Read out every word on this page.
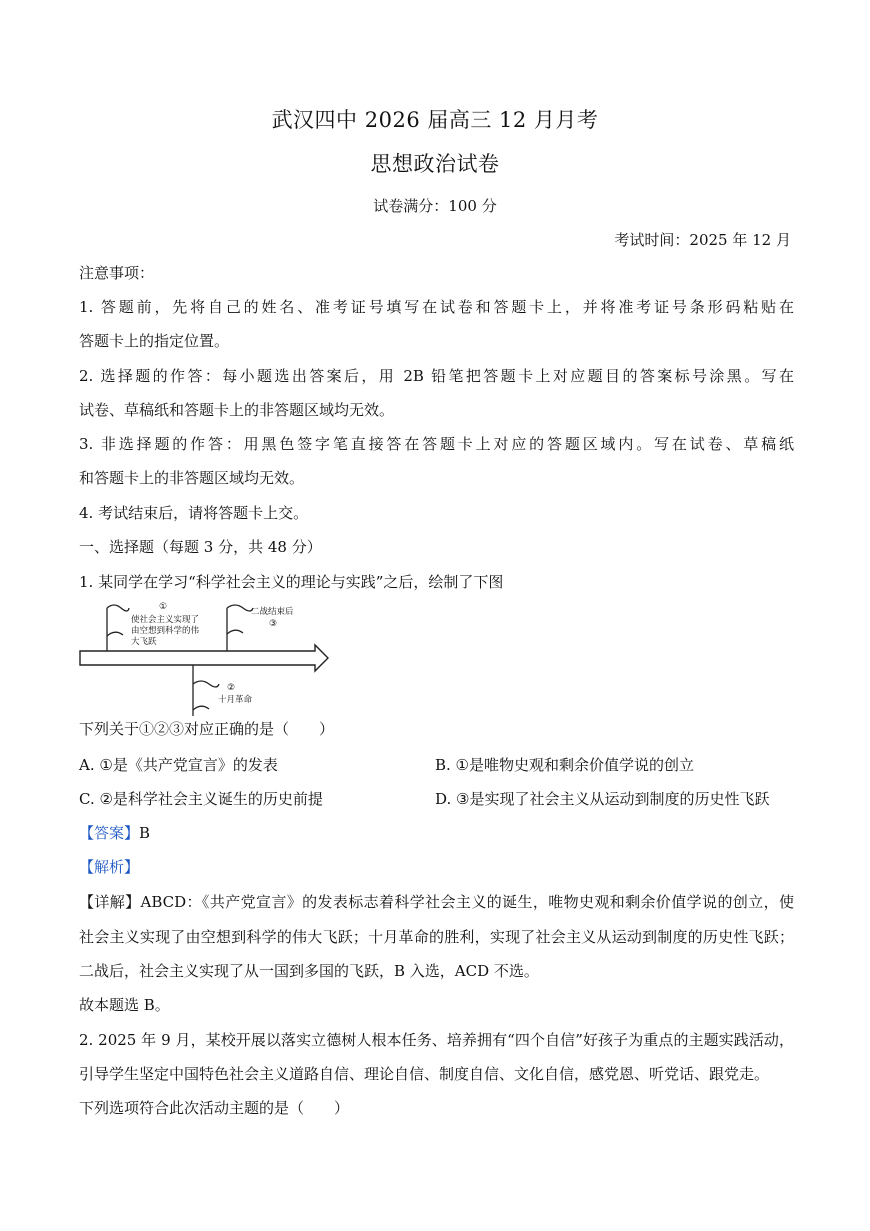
武汉四中 2026 届高三 12 月月考
思想政治试卷
试卷满分：100 分
考试时间：2025 年 12 月
注意事项：
1. 答题前，先将自己的姓名、准考证号填写在试卷和答题卡上，并将准考证号条形码粘贴在
答题卡上的指定位置。
2. 选择题的作答：每小题选出答案后，用 2B 铅笔把答题卡上对应题目的答案标号涂黑。写在
试卷、草稿纸和答题卡上的非答题区域均无效。
3. 非选择题的作答：用黑色签字笔直接答在答题卡上对应的答题区域内。写在试卷、草稿纸
和答题卡上的非答题区域均无效。
4. 考试结束后，请将答题卡上交。
一、选择题（每题 3 分，共 48 分）
1. 某同学在学习“科学社会主义的理论与实践”之后，绘制了下图
①
使社会主义实现了
由空想到科学的伟
大飞跃
二战结束后
③
②
十月革命
下列关于①②③对应正确的是（　　）
A. ①是《共产党宣言》的发表	B. ①是唯物史观和剩余价值学说的创立
C. ②是科学社会主义诞生的历史前提	D. ③是实现了社会主义从运动到制度的历史性飞跃
【答案】B
【解析】
【详解】ABCD：《共产党宣言》的发表标志着科学社会主义的诞生，唯物史观和剩余价值学说的创立，使
社会主义实现了由空想到科学的伟大飞跃；十月革命的胜利，实现了社会主义从运动到制度的历史性飞跃；
二战后，社会主义实现了从一国到多国的飞跃，B 入选，ACD 不选。
故本题选 B。
2. 2025 年 9 月，某校开展以落实立德树人根本任务、培养拥有“四个自信”好孩子为重点的主题实践活动，
引导学生坚定中国特色社会主义道路自信、理论自信、制度自信、文化自信，感党恩、听党话、跟党走。
下列选项符合此次活动主题的是（　　）
